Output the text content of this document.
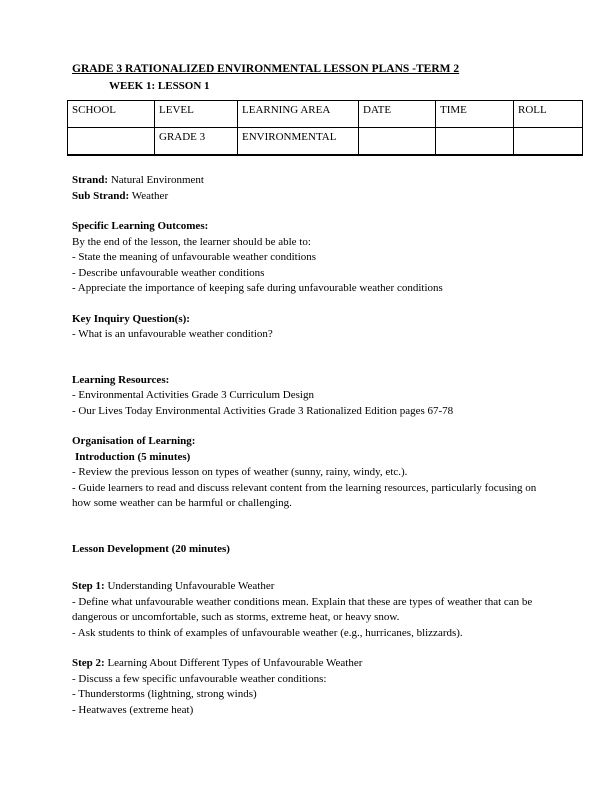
GRADE 3 RATIONALIZED ENVIRONMENTAL LESSON PLANS -TERM 2
WEEK 1: LESSON 1
SCHOOL	LEVEL	LEARNING AREA	DATE	TIME	ROLL
	GRADE 3	ENVIRONMENTAL			

Strand: Natural Environment

Sub Strand: Weather

Specific Learning Outcomes:

By the end of the lesson, the learner should be able to:

- State the meaning of unfavourable weather conditions

- Describe unfavourable weather conditions

- Appreciate the importance of keeping safe during unfavourable weather conditions

Key Inquiry Question(s):

- What is an unfavourable weather condition?

Learning Resources:

- Environmental Activities Grade 3 Curriculum Design

- Our Lives Today Environmental Activities Grade 3 Rationalized Edition pages 67-78

Organisation of Learning:

Introduction (5 minutes)

- Review the previous lesson on types of weather (sunny, rainy, windy, etc.).

- Guide learners to read and discuss relevant content from the learning resources, particularly focusing on how some weather can be harmful or challenging.

Lesson Development (20 minutes)

Step 1: Understanding Unfavourable Weather

- Define what unfavourable weather conditions mean. Explain that these are types of weather that can be dangerous or uncomfortable, such as storms, extreme heat, or heavy snow.

- Ask students to think of examples of unfavourable weather (e.g., hurricanes, blizzards).

Step 2: Learning About Different Types of Unfavourable Weather

- Discuss a few specific unfavourable weather conditions:

- Thunderstorms (lightning, strong winds)

- Heatwaves (extreme heat)
